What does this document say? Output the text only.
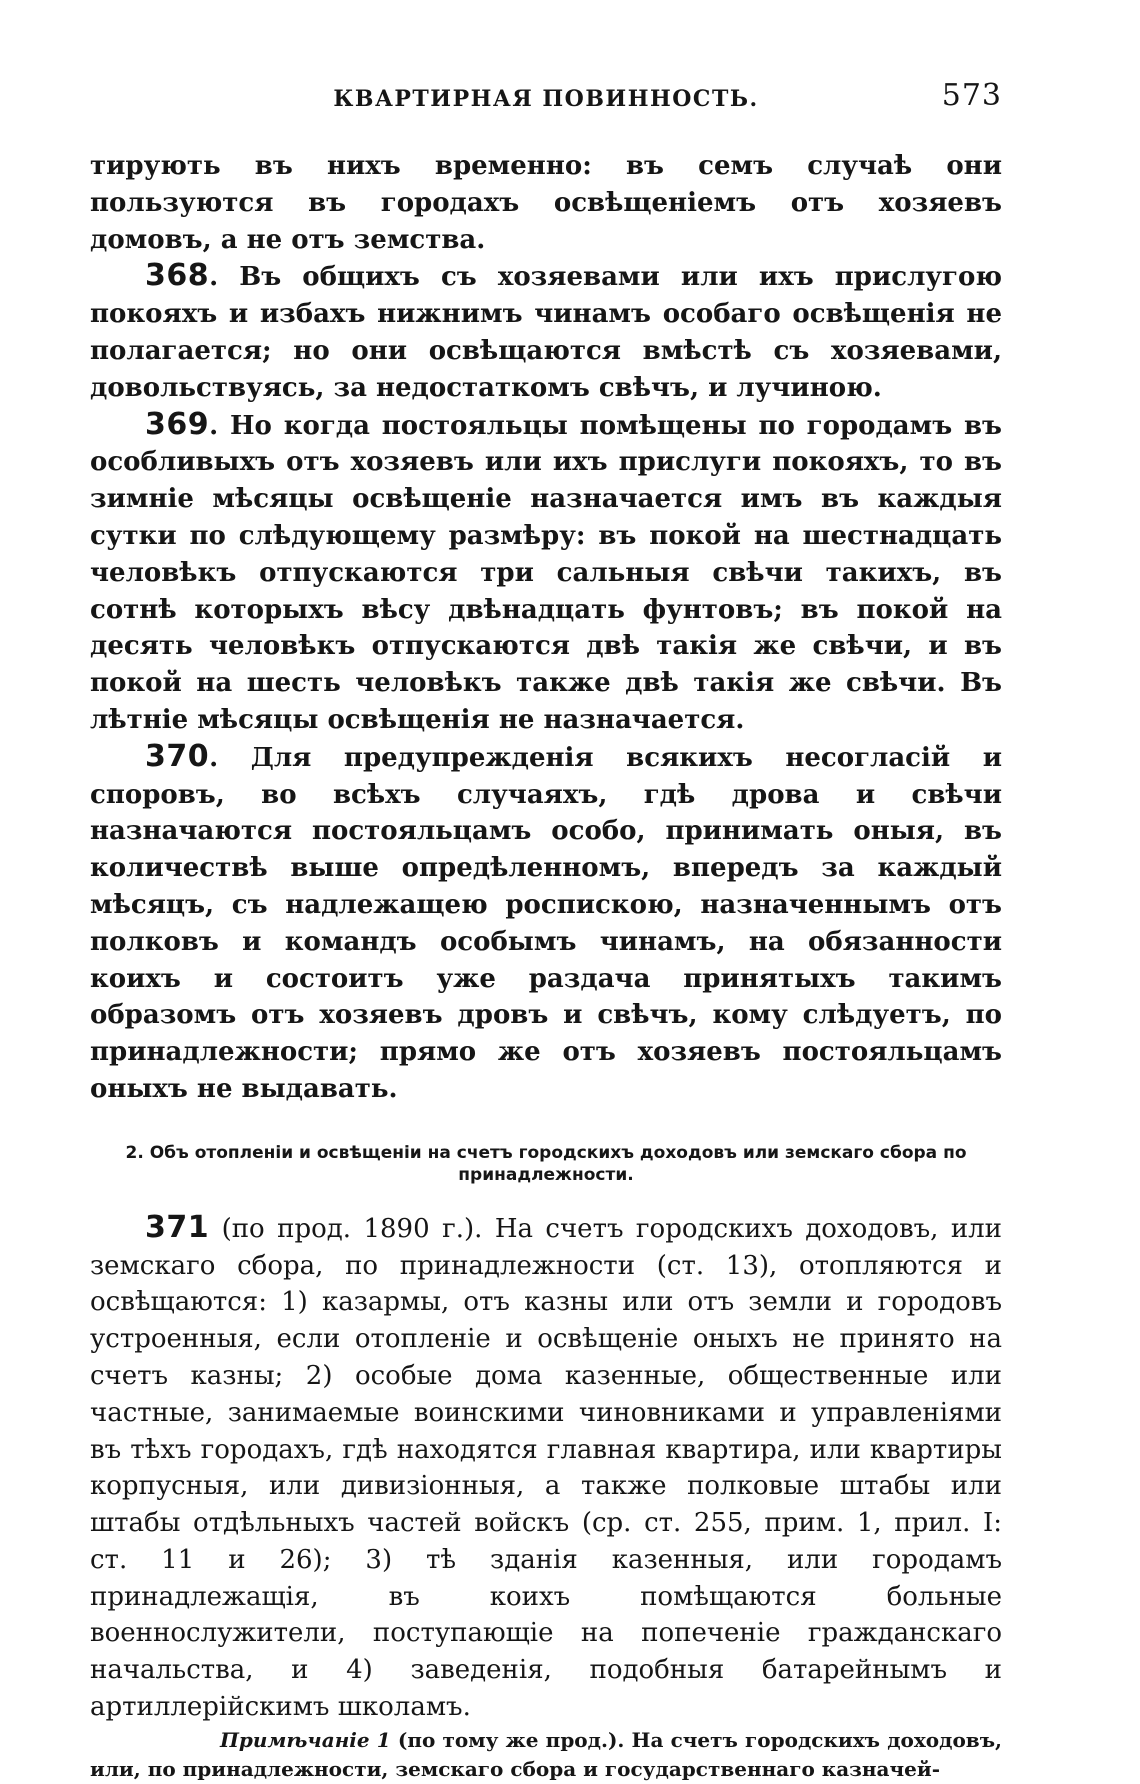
КВАРТИРНАЯ ПОВИННОСТЬ.	573

тирують въ нихъ временно: въ семъ случаѣ они пользуются въ городахъ освѣщеніемъ отъ хозяевъ домовъ, а не отъ земства.

368. Въ общихъ съ хозяевами или ихъ прислугою покояхъ и избахъ нижнимъ чинамъ особаго освѣщенія не полагается; но они освѣщаются вмѣстѣ съ хозяевами, довольствуясь, за недостаткомъ свѣчъ, и лучиною.

369. Но когда постояльцы помѣщены по городамъ въ особливыхъ отъ хозяевъ или ихъ прислуги покояхъ, то въ зимніе мѣсяцы освѣщеніе назначается имъ въ каждыя сутки по слѣдующему размѣру: въ покой на шестнадцать человѣкъ отпускаются три сальныя свѣчи такихъ, въ сотнѣ которыхъ вѣсу двѣнадцать фунтовъ; въ покой на десять человѣкъ отпускаются двѣ такія же свѣчи, и въ покой на шесть человѣкъ также двѣ такія же свѣчи. Въ лѣтніе мѣсяцы освѣщенія не назначается.

370. Для предупрежденія всякихъ несогласій и споровъ, во всѣхъ случаяхъ, гдѣ дрова и свѣчи назначаются постояльцамъ особо, принимать оныя, въ количествѣ выше опредѣленномъ, впередъ за каждый мѣсяцъ, съ надлежащею роспискою, назначеннымъ отъ полковъ и командъ особымъ чинамъ, на обязанности коихъ и состоитъ уже раздача принятыхъ такимъ образомъ отъ хозяевъ дровъ и свѣчъ, кому слѣдуетъ, по принадлежности; прямо же отъ хозяевъ постояльцамъ оныхъ не выдавать.

2. Объ отопленіи и освѣщеніи на счетъ городскихъ доходовъ или земскаго сбора по принадлежности.

371 (по прод. 1890 г.). На счетъ городскихъ доходовъ, или земскаго сбора, по принадлежности (ст. 13), отопляются и освѣщаются: 1) казармы, отъ казны или отъ земли и городовъ устроенныя, если отопленіе и освѣщеніе оныхъ не принято на счетъ казны; 2) особые дома казенные, общественные или частные, занимаемые воинскими чиновниками и управленіями въ тѣхъ городахъ, гдѣ находятся главная квартира, или квартиры корпусныя, или дивизіонныя, а также полковые штабы или штабы отдѣльныхъ частей войскъ (ср. ст. 255, прим. 1, прил. I: ст. 11 и 26); 3) тѣ зданія казенныя, или городамъ принадлежащія, въ коихъ помѣщаются больные военнослужители, поступающіе на попеченіе гражданскаго начальства, и 4) заведенія, подобныя батарейнымъ и артиллерійскимъ школамъ.

Примѣчаніе 1 (по тому же прод.). На счетъ городскихъ доходовъ, или, по принадлежности, земскаго сбора и государственнаго казначей-
